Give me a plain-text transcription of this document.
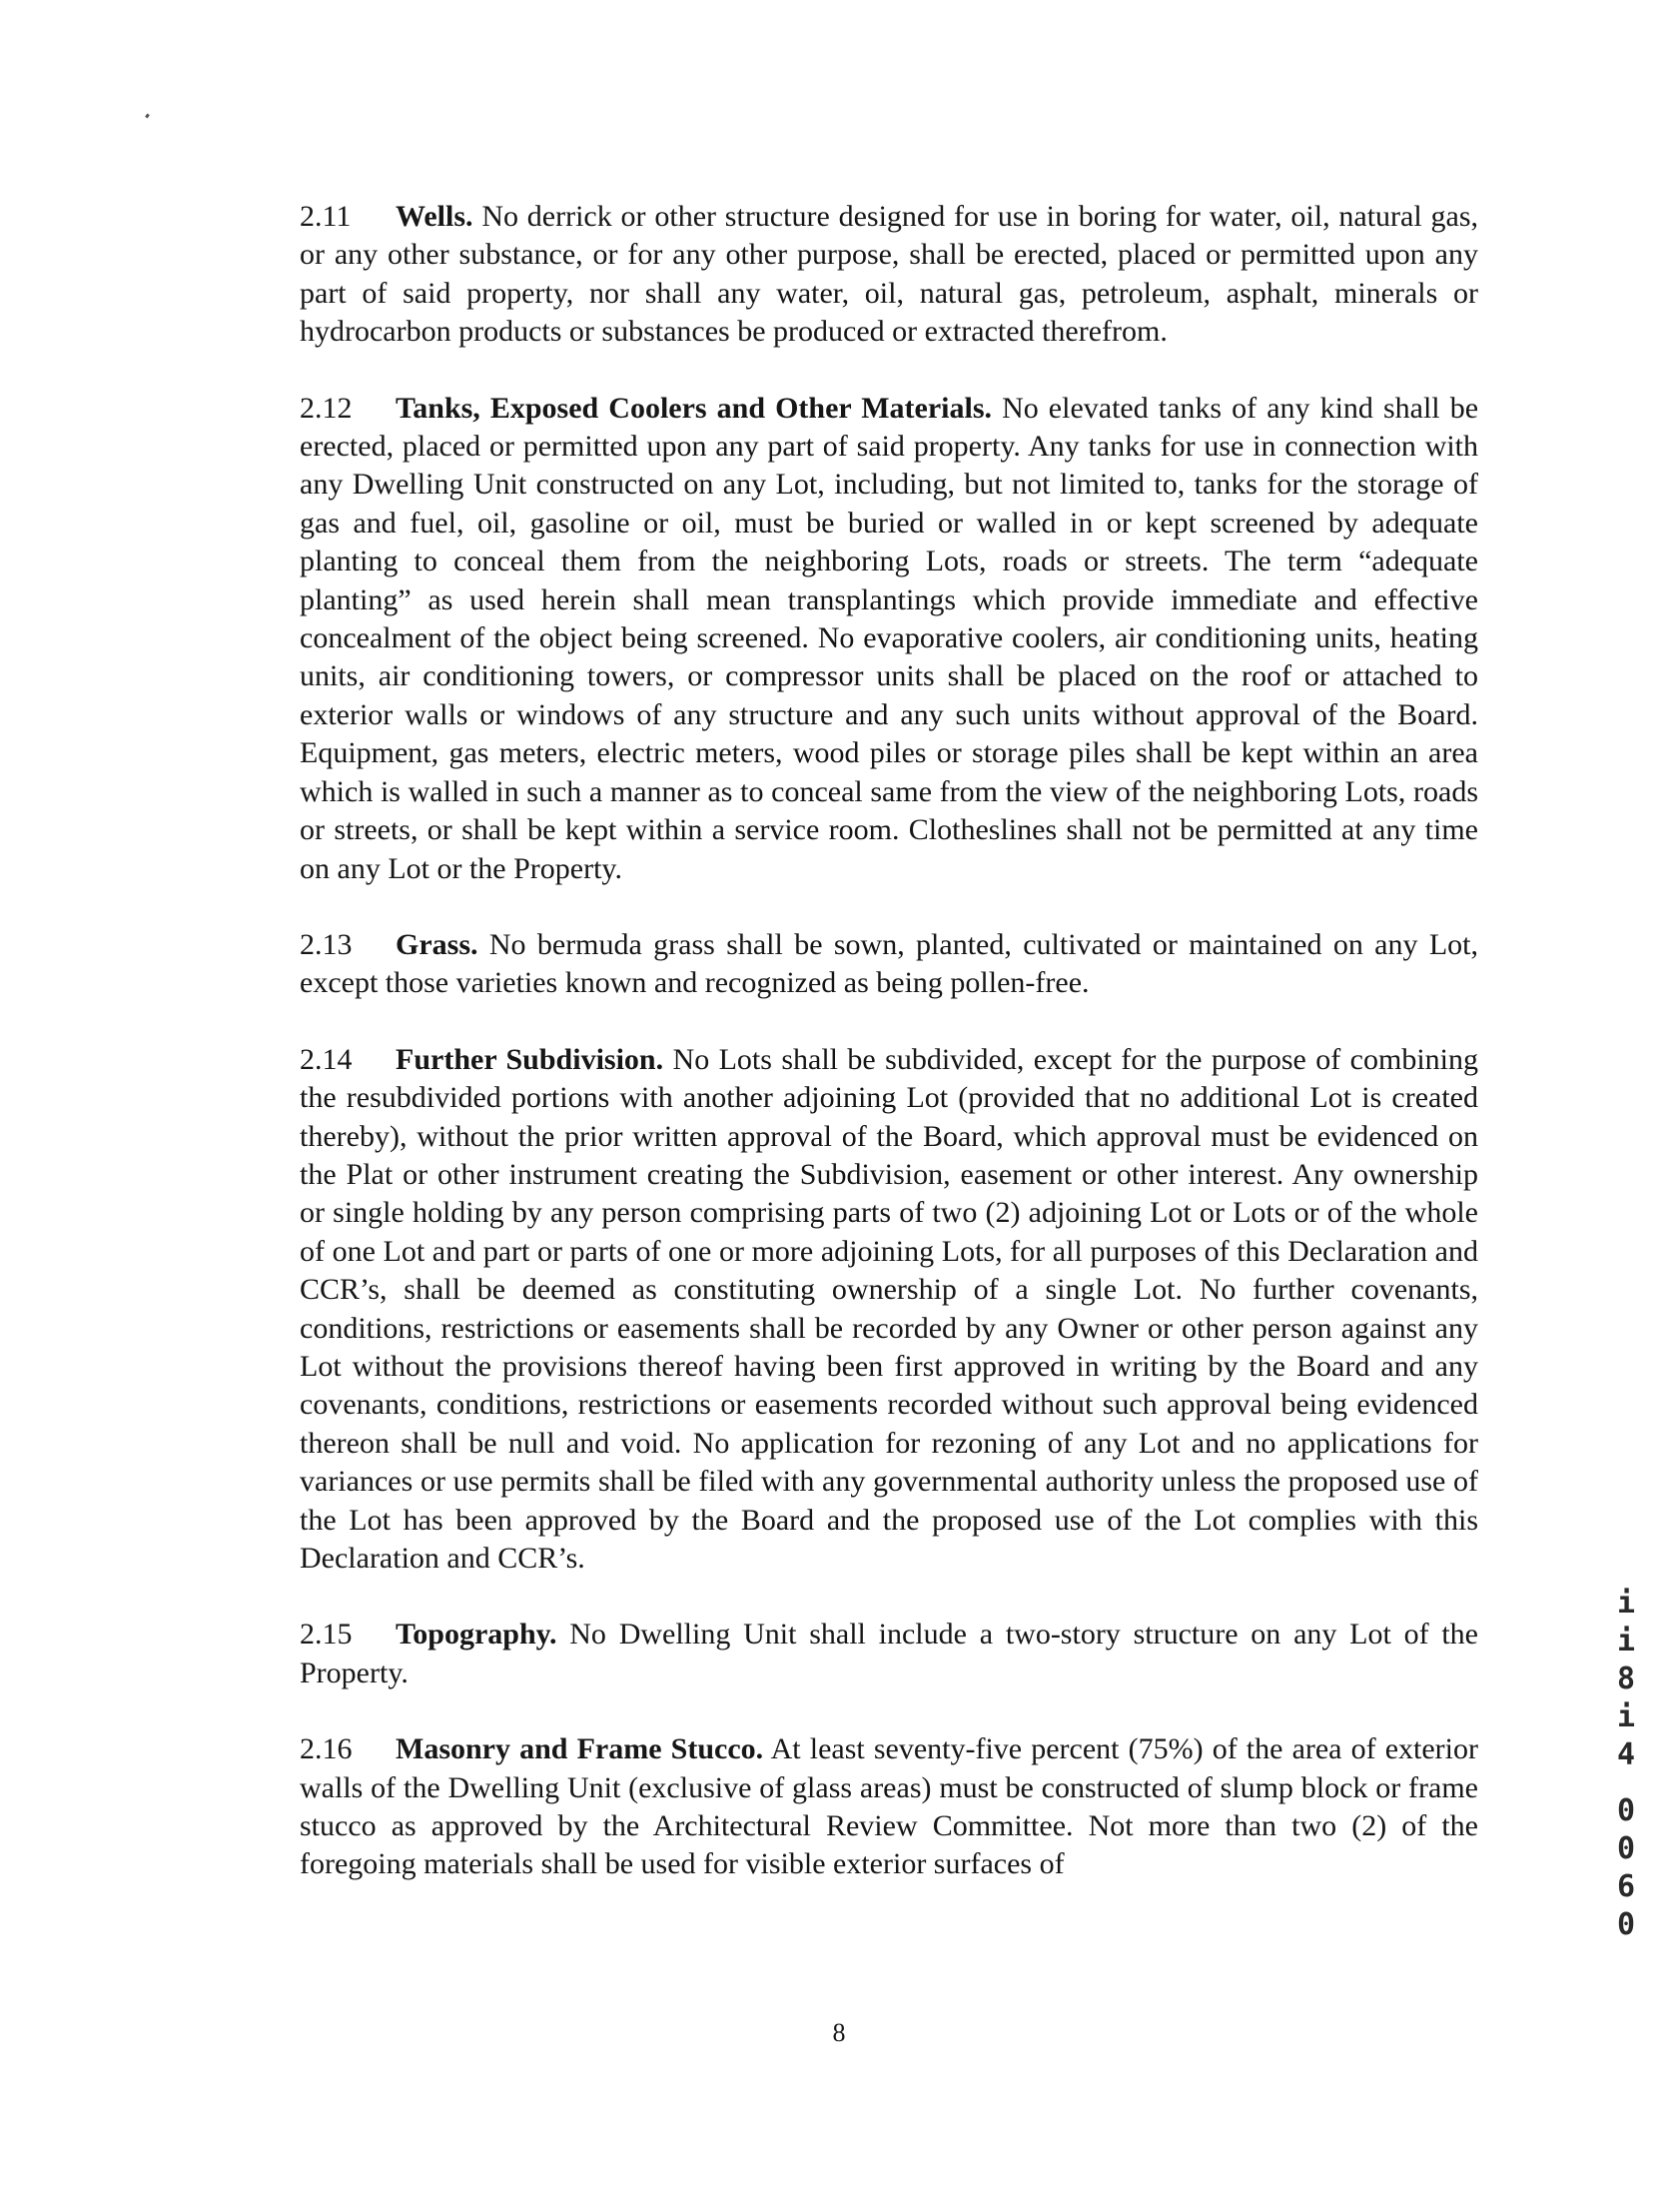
2.11 Wells. No derrick or other structure designed for use in boring for water, oil, natural gas, or any other substance, or for any other purpose, shall be erected, placed or permitted upon any part of said property, nor shall any water, oil, natural gas, petroleum, asphalt, minerals or hydrocarbon products or substances be produced or extracted therefrom.

2.12 Tanks, Exposed Coolers and Other Materials. No elevated tanks of any kind shall be erected, placed or permitted upon any part of said property. Any tanks for use in connection with any Dwelling Unit constructed on any Lot, including, but not limited to, tanks for the storage of gas and fuel, oil, gasoline or oil, must be buried or walled in or kept screened by adequate planting to conceal them from the neighboring Lots, roads or streets. The term “adequate planting” as used herein shall mean transplantings which provide immediate and effective concealment of the object being screened. No evaporative coolers, air conditioning units, heating units, air conditioning towers, or compressor units shall be placed on the roof or attached to exterior walls or windows of any structure and any such units without approval of the Board. Equipment, gas meters, electric meters, wood piles or storage piles shall be kept within an area which is walled in such a manner as to conceal same from the view of the neighboring Lots, roads or streets, or shall be kept within a service room. Clotheslines shall not be permitted at any time on any Lot or the Property.

2.13 Grass. No bermuda grass shall be sown, planted, cultivated or maintained on any Lot, except those varieties known and recognized as being pollen-free.

2.14 Further Subdivision. No Lots shall be subdivided, except for the purpose of combining the resubdivided portions with another adjoining Lot (provided that no additional Lot is created thereby), without the prior written approval of the Board, which approval must be evidenced on the Plat or other instrument creating the Subdivision, easement or other interest. Any ownership or single holding by any person comprising parts of two (2) adjoining Lot or Lots or of the whole of one Lot and part or parts of one or more adjoining Lots, for all purposes of this Declaration and CCR’s, shall be deemed as constituting ownership of a single Lot. No further covenants, conditions, restrictions or easements shall be recorded by any Owner or other person against any Lot without the provisions thereof having been first approved in writing by the Board and any covenants, conditions, restrictions or easements recorded without such approval being evidenced thereon shall be null and void. No application for rezoning of any Lot and no applications for variances or use permits shall be filed with any governmental authority unless the proposed use of the Lot has been approved by the Board and the proposed use of the Lot complies with this Declaration and CCR’s.

2.15 Topography. No Dwelling Unit shall include a two-story structure on any Lot of the Property.

2.16 Masonry and Frame Stucco. At least seventy-five percent (75%) of the area of exterior walls of the Dwelling Unit (exclusive of glass areas) must be constructed of slump block or frame stucco as approved by the Architectural Review Committee. Not more than two (2) of the foregoing materials shall be used for visible exterior surfaces of

i
i
8
i
4
0
0
6
0
8
